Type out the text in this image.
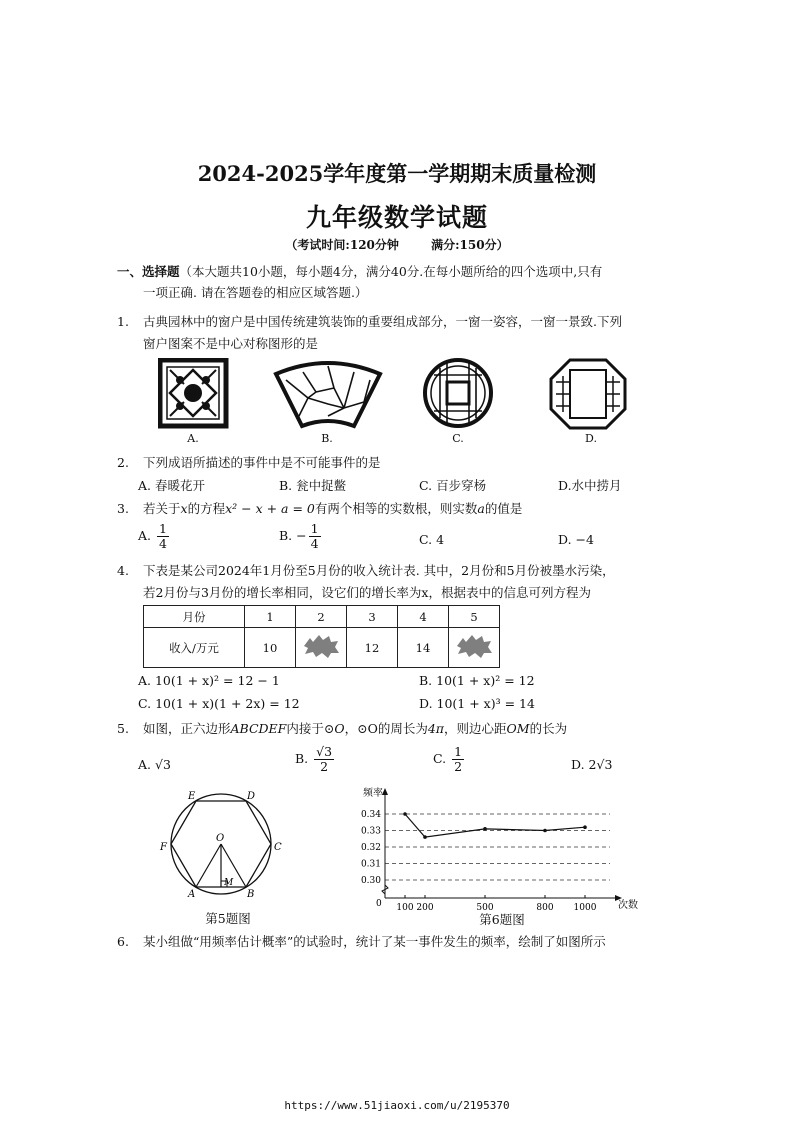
2024-2025学年度第一学期期末质量检测
九年级数学试题
（考试时间:120分钟	满分:150分）
一、选择题（本大题共10小题，每小题4分，满分40分.在每小题所给的四个选项中,只有
一项正确. 请在答题卷的相应区域答题.）
1. 古典园林中的窗户是中国传统建筑装饰的重要组成部分，一窗一姿容，一窗一景致.下列
窗户图案不是中心对称图形的是
A.	B.	C.	D.
2. 下列成语所描述的事件中是不可能事件的是
A. 春暖花开	B. 瓮中捉鳖	C. 百步穿杨	D.水中捞月
3. 若关于x的方程x² − x + a = 0有两个相等的实数根，则实数a的值是
A. $\frac{1}{4}$	B. − $\frac{1}{4}$	C. 4	D. −4
4. 下表是某公司2024年1月份至5月份的收入统计表. 其中，2月份和5月份被墨水污染，
若2月份与3月份的增长率相同，设它们的增长率为x，根据表中的信息可列方程为
月份	1	2	3	4	5
收入/万元	10		12	14	
A. 10(1 + x)² = 12 − 1	B. 10(1 + x)² = 12
C. 10(1 + x)(1 + 2x) = 12	D. 10(1 + x)³ = 14
5. 如图，正六边形ABCDEF内接于⊙O，⊙O的周长为4π，则边心距OM的长为
A. √3	B. $\frac{√3}{2}$	C. $\frac{1}{2}$	D. 2√3
E	D
O
F	C
A
M
B
第5题图
0.30
0.31
0.32
0.33
0.34
100 200	500	800 1000
频率
次数
0
第6题图
6. 某小组做“用频率估计概率”的试验时，统计了某一事件发生的频率，绘制了如图所示
https://www.51jiaoxi.com/u/2195370
